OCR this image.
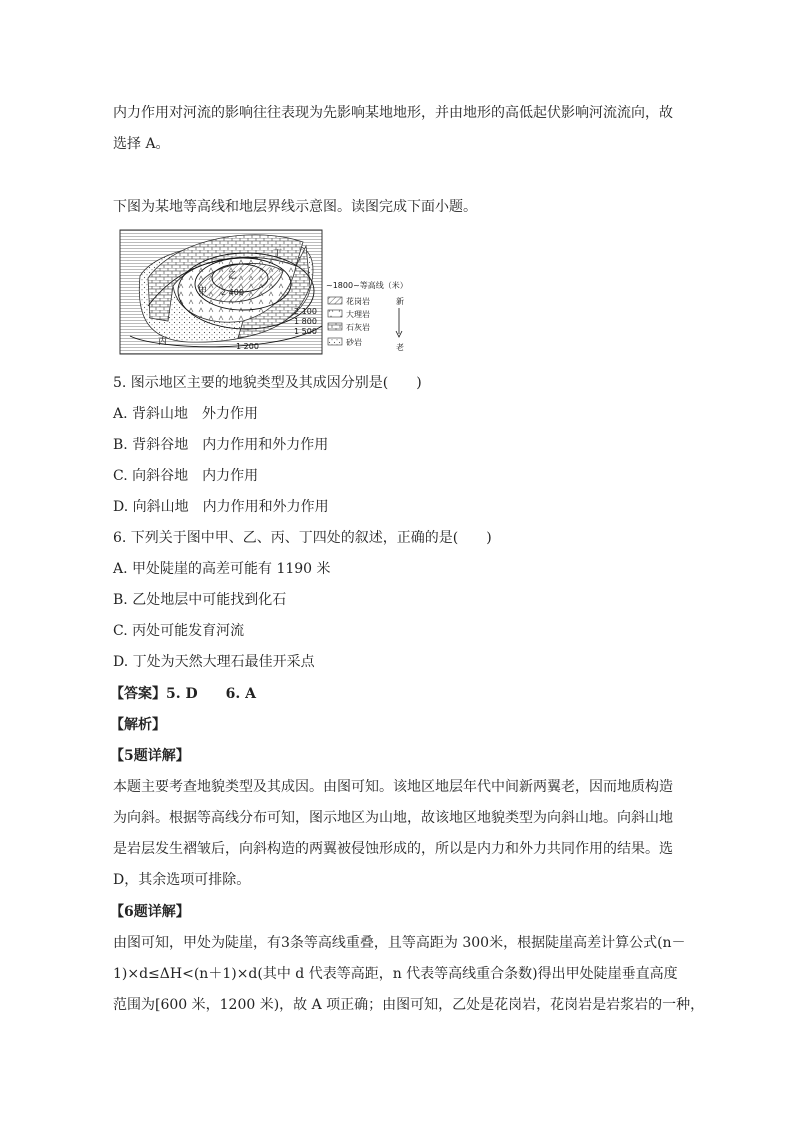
内力作用对河流的影响往往表现为先影响某地地形，并由地形的高低起伏影响河流流向，故
选择 A。
下图为某地等高线和地层界线示意图。读图完成下面小题。
2 400
2 100
1 800
1 500
1 200
甲
乙
丙
丁
~1800~等高线（米）
花岗岩
大理岩
石灰岩
砂岩
新
老
5. 图示地区主要的地貌类型及其成因分别是(　　)
A. 背斜山地　外力作用
B. 背斜谷地　内力作用和外力作用
C. 向斜谷地　内力作用
D. 向斜山地　内力作用和外力作用
6. 下列关于图中甲、乙、丙、丁四处的叙述，正确的是(　　)
A. 甲处陡崖的高差可能有 1190 米
B. 乙处地层中可能找到化石
C. 丙处可能发育河流
D. 丁处为天然大理石最佳开采点
【答案】5. D　　6. A
【解析】
【5题详解】
本题主要考查地貌类型及其成因。由图可知。该地区地层年代中间新两翼老，因而地质构造
为向斜。根据等高线分布可知，图示地区为山地，故该地区地貌类型为向斜山地。向斜山地
是岩层发生褶皱后，向斜构造的两翼被侵蚀形成的，所以是内力和外力共同作用的结果。选
D，其余选项可排除。
【6题详解】
由图可知，甲处为陡崖，有3条等高线重叠，且等高距为 300米，根据陡崖高差计算公式(n－
1)×d≤ΔH<(n＋1)×d(其中 d 代表等高距，n 代表等高线重合条数)得出甲处陡崖垂直高度
范围为[600 米，1200 米)，故 A 项正确；由图可知，乙处是花岗岩，花岗岩是岩浆岩的一种，
